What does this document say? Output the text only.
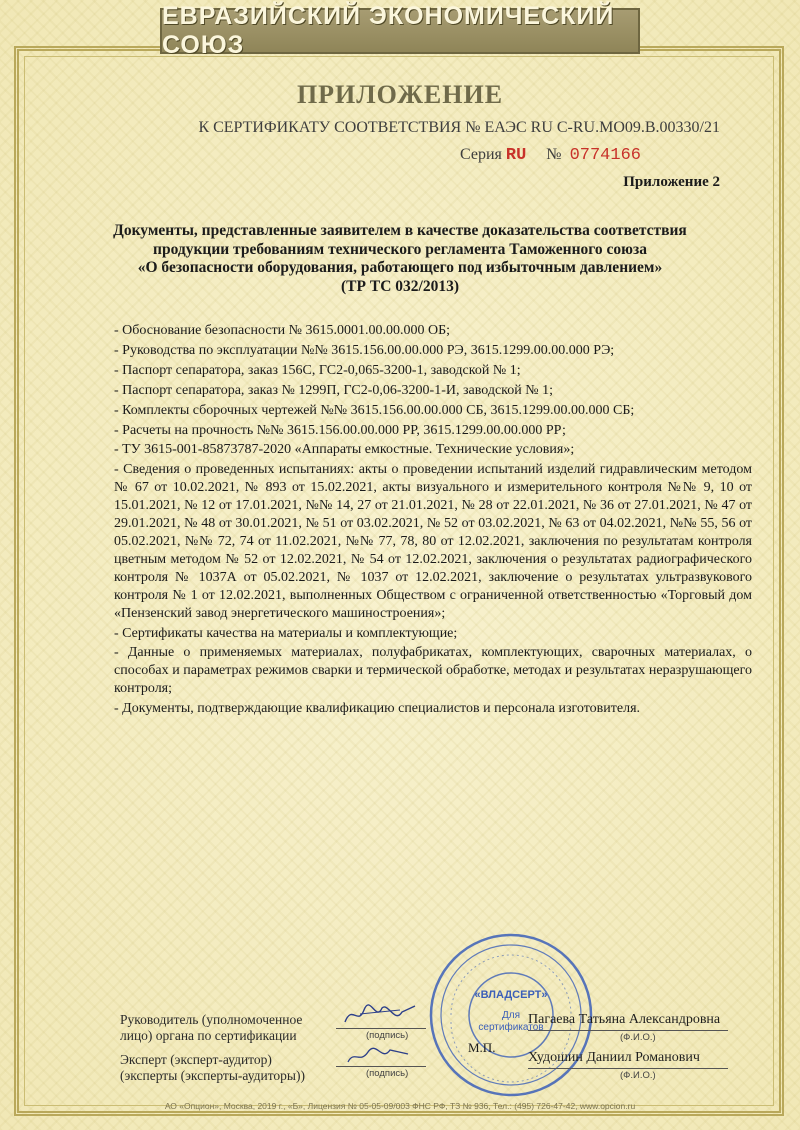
ЕВРАЗИЙСКИЙ ЭКОНОМИЧЕСКИЙ СОЮЗ
ПРИЛОЖЕНИЕ
К СЕРТИФИКАТУ СООТВЕТСТВИЯ № ЕАЭС RU C-RU.МО09.В.00330/21
Серия RU № 0774166
Приложение 2
Документы, представленные заявителем в качестве доказательства соответствия
продукции требованиям технического регламента Таможенного союза
«О безопасности оборудования, работающего под избыточным давлением»
(ТР ТС 032/2013)
- Обоснование безопасности № 3615.0001.00.00.000 ОБ;
- Руководства по эксплуатации №№ 3615.156.00.00.000 РЭ, 3615.1299.00.00.000 РЭ;
- Паспорт сепаратора, заказ 156С, ГС2-0,065-3200-1, заводской № 1;
- Паспорт сепаратора, заказ № 1299П, ГС2-0,06-3200-1-И, заводской № 1;
- Комплекты сборочных чертежей №№ 3615.156.00.00.000 СБ, 3615.1299.00.00.000 СБ;
- Расчеты на прочность №№ 3615.156.00.00.000 РР, 3615.1299.00.00.000 РР;
- ТУ 3615-001-85873787-2020 «Аппараты емкостные. Технические условия»;
- Сведения о проведенных испытаниях: акты о проведении испытаний изделий гидравлическим методом № 67 от 10.02.2021, № 893 от 15.02.2021, акты визуального и измерительного контроля №№ 9, 10 от 15.01.2021, № 12 от 17.01.2021, №№ 14, 27 от 21.01.2021, № 28 от 22.01.2021, № 36 от 27.01.2021, № 47 от 29.01.2021, № 48 от 30.01.2021, № 51 от 03.02.2021, № 52 от 03.02.2021, № 63 от 04.02.2021, №№ 55, 56 от 05.02.2021, №№ 72, 74 от 11.02.2021, №№ 77, 78, 80 от 12.02.2021, заключения по результатам контроля цветным методом № 52 от 12.02.2021, № 54 от 12.02.2021, заключения о результатах радиографического контроля № 1037А от 05.02.2021, № 1037 от 12.02.2021, заключение о результатах ультразвукового контроля № 1 от 12.02.2021, выполненных Обществом с ограниченной ответственностью «Торговый дом «Пензенский завод энергетического машиностроения»;
- Сертификаты качества на материалы и комплектующие;
- Данные о применяемых материалах, полуфабрикатах, комплектующих, сварочных материалах, о способах и параметрах режимов сварки и термической обработке, методах и результатах неразрушающего контроля;
- Документы, подтверждающие квалификацию специалистов и персонала изготовителя.
«ВЛАДСЕРТ»
Для
сертификатов
Руководитель (уполномоченное
лицо) органа по сертификации	(подпись)
Пагаева Татьяна Александровна
(Ф.И.О.)
М.П.
Эксперт (эксперт-аудитор)
(эксперты (эксперты-аудиторы))	(подпись)
Худошин Даниил Романович
(Ф.И.О.)
АО «Опцион», Москва, 2019 г., «Б», Лицензия № 05-05-09/003 ФНС РФ, ТЗ № 936, Тел.: (495) 726-47-42, www.opcion.ru
